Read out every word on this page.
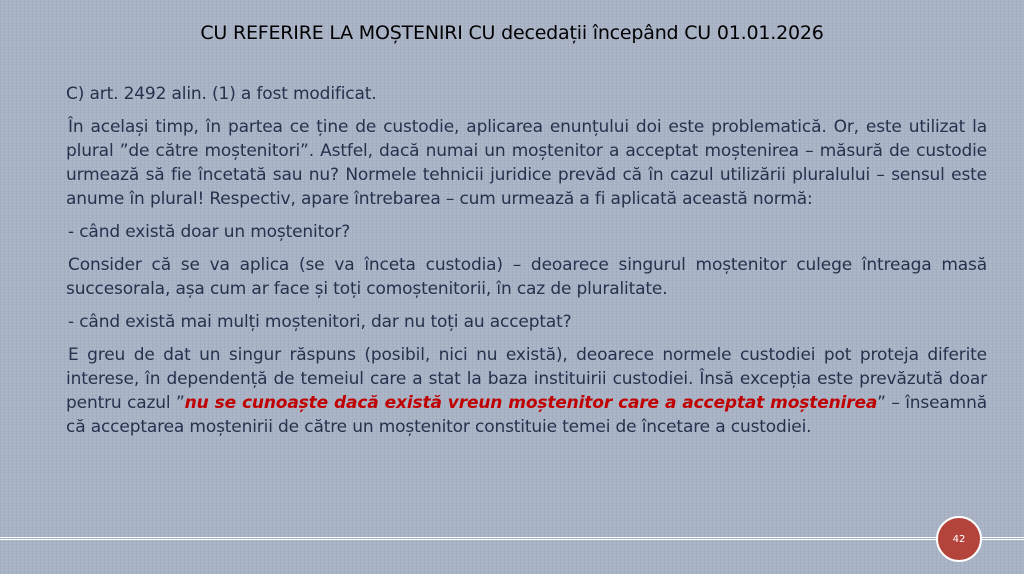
CU REFERIRE LA MOȘTENIRI CU decedații începând CU 01.01.2026

C) art. 2492 alin. (1) a fost modificat.

În același timp, în partea ce ține de custodie, aplicarea enunțului doi este problematică. Or, este utilizat la plural ”de către moștenitori”. Astfel, dacă numai un moștenitor a acceptat moștenirea – măsură de custodie urmează să fie încetată sau nu? Normele tehnicii juridice prevăd că în cazul utilizării pluralului – sensul este anume în plural! Respectiv, apare întrebarea – cum urmează a fi aplicată această normă:

- când există doar un moștenitor?

Consider că se va aplica (se va înceta custodia) – deoarece singurul moștenitor culege întreaga masă succesorala, așa cum ar face și toți comoștenitorii, în caz de pluralitate.

- când există mai mulți moștenitori, dar nu toți au acceptat?

E greu de dat un singur răspuns (posibil, nici nu există), deoarece normele custodiei pot proteja diferite interese, în dependență de temeiul care a stat la baza instituirii custodiei. Însă excepția este prevăzută doar pentru cazul ”nu se cunoaște dacă există vreun moștenitor care a acceptat moștenirea” – înseamnă că acceptarea moștenirii de către un moștenitor constituie temei de încetare a custodiei.

42
